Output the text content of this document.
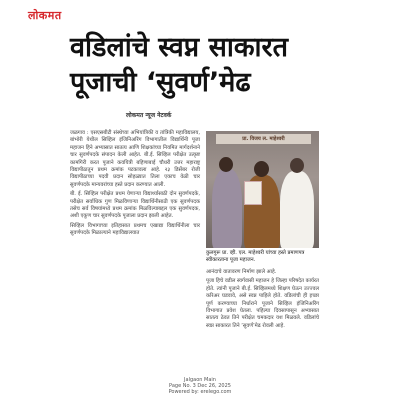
लोकमत
वडिलांचे स्वप्न साकारत
पूजाची ‘सुवर्ण’मेढ
लोकमत न्यूज नेटवर्क

जळगाव : एसएसबीटी संस्थेच्या अभियांत्रिकी व तांत्रिकी महाविद्यालय, बांभोरी येथील सिव्हिल इंजिनिअरिंग विभागातील विद्यार्थिनी पूजा महाजन हिने अभ्यासात सातत्य आणि शिक्षकांच्या नियमित मार्गदर्शनाने चार सुवर्णपदके संपादन केली आहेत. बी.ई. सिव्हिल परीक्षेत उत्कृष्ट कामगिरी करत पूजाने कवयित्री बहिणाबाई चौधरी उत्तर महाराष्ट्र विद्यापीठातून प्रथम क्रमांक पटकावला आहे. २३ डिसेंबर रोजी विद्यापीठाच्या पदवी प्रदान सोहळ्यात तिला एकाच वेळी चार सुवर्णपदके मान्यवरांच्या हस्ते प्रदान करण्यात आली.

बी. ई. सिव्हिल परीक्षेत प्रथम येणाऱ्या विद्यार्थ्यासाठी दोन सुवर्णपदके, परीक्षेत सर्वाधिक गुण मिळविणाऱ्या विद्यार्थिनीसाठी एक सुवर्णपदक तसेच सर्व विषयांमध्ये प्रथम क्रमांक मिळविल्याबद्दल एक सुवर्णपदक, अशी एकूण चार सुवर्णपदके पूजाला प्रदान झाली आहेत.

सिव्हिल विभागाच्या इतिहासात प्रथमच एखाद्या विद्यार्थिनीला चार सुवर्णपदके मिळाल्याने महाविद्यालयात

प्रा. विजय ल. माहेश्वरी
कुलगुरू प्रा. व्ही. एल. माहेश्वरी यांच्या हस्ते प्रमाणपत्र स्वीकारताना पूजा महाजन.

आनंदाचे वातावरण निर्माण झाले आहे.

पूजा हिचे वडील स्वर्गवासी महाजन हे जिल्हा परिषदेत कार्यरत होते. त्यांनी पूजाने बी.ई. सिव्हिलमध्ये शिक्षण घेऊन उज्ज्वल करिअर घडवावे, असे स्वप्न पाहिले होते. वडिलांची ही इच्छा पूर्ण करण्याच्या निर्धाराने पूजाने सिव्हिल इंजिनिअरिंग विभागात प्रवेश घेतला. पहिल्या दिवसापासून अभ्यासात सातत्य ठेवत तिने परीक्षेत चमकदार यश मिळवले. वडिलांचे स्वप्न साकारत तिने ‘सुवर्ण’मेढ रोवली आहे.

Jalgaon Main
Page No. 3 Dec 26, 2025
Powered by: erelego.com
